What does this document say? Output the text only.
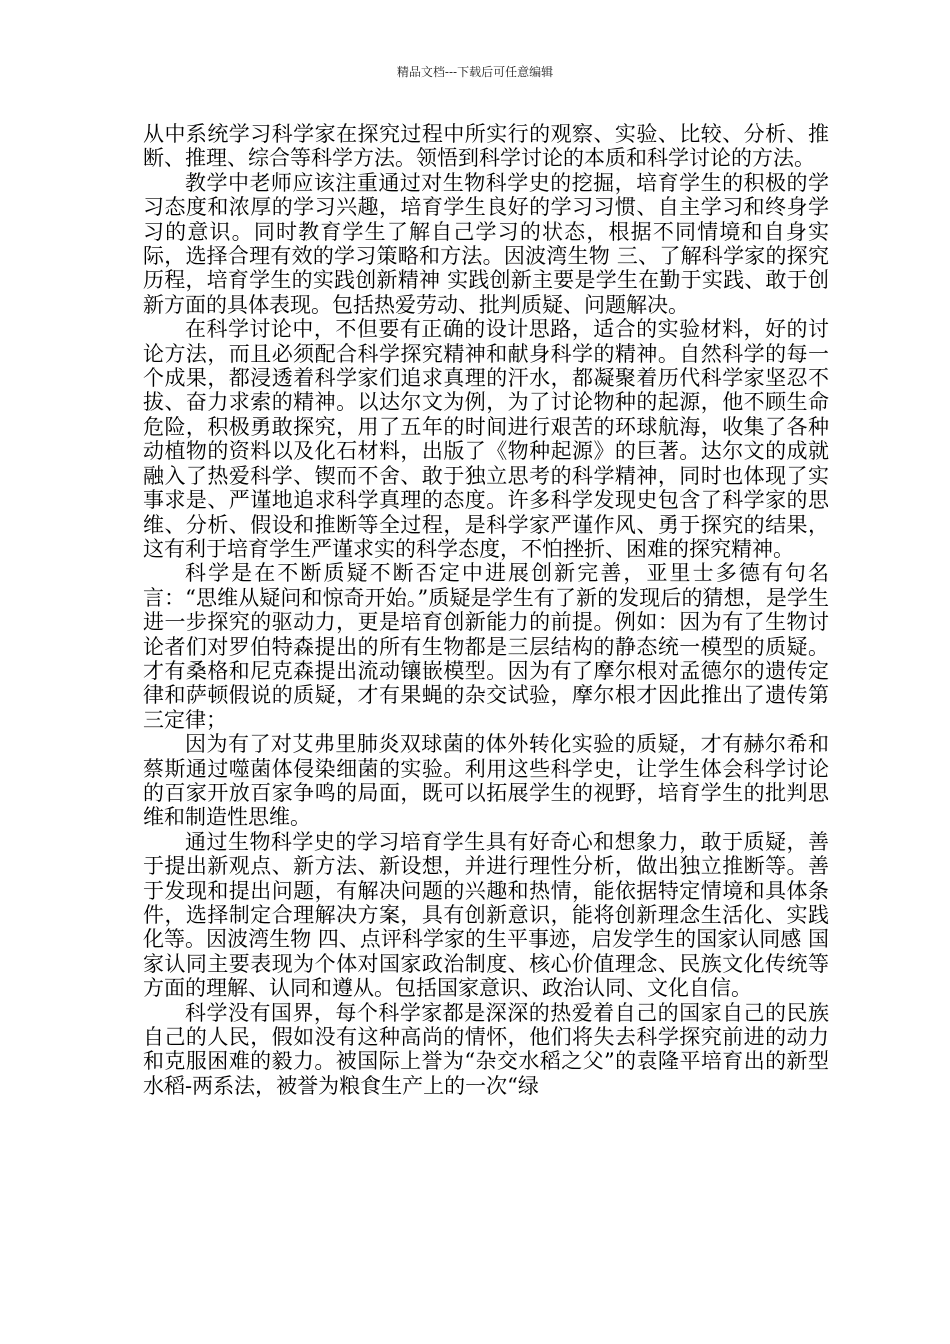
精品文档---下载后可任意编辑

从中系统学习科学家在探究过程中所实行的观察、实验、比较、分析、推断、推理、综合等科学方法。领悟到科学讨论的本质和科学讨论的方法。

教学中老师应该注重通过对生物科学史的挖掘，培育学生的积极的学习态度和浓厚的学习兴趣，培育学生良好的学习习惯、自主学习和终身学习的意识。同时教育学生了解自己学习的状态，根据不同情境和自身实际，选择合理有效的学习策略和方法。因波湾生物 三、了解科学家的探究历程，培育学生的实践创新精神 实践创新主要是学生在勤于实践、敢于创新方面的具体表现。包括热爱劳动、批判质疑、问题解决。

在科学讨论中，不但要有正确的设计思路，适合的实验材料，好的讨论方法，而且必须配合科学探究精神和献身科学的精神。自然科学的每一个成果，都浸透着科学家们追求真理的汗水，都凝聚着历代科学家坚忍不拔、奋力求索的精神。以达尔文为例，为了讨论物种的起源，他不顾生命危险，积极勇敢探究，用了五年的时间进行艰苦的环球航海，收集了各种动植物的资料以及化石材料，出版了《物种起源》的巨著。达尔文的成就融入了热爱科学、锲而不舍、敢于独立思考的科学精神，同时也体现了实事求是、严谨地追求科学真理的态度。许多科学发现史包含了科学家的思维、分析、假设和推断等全过程，是科学家严谨作风、勇于探究的结果，这有利于培育学生严谨求实的科学态度，不怕挫折、困难的探究精神。

科学是在不断质疑不断否定中进展创新完善，亚里士多德有句名言：“思维从疑问和惊奇开始。”质疑是学生有了新的发现后的猜想，是学生进一步探究的驱动力，更是培育创新能力的前提。例如：因为有了生物讨论者们对罗伯特森提出的所有生物都是三层结构的静态统一模型的质疑。才有桑格和尼克森提出流动镶嵌模型。因为有了摩尔根对孟德尔的遗传定律和萨顿假说的质疑，才有果蝇的杂交试验，摩尔根才因此推出了遗传第三定律；

因为有了对艾弗里肺炎双球菌的体外转化实验的质疑，才有赫尔希和蔡斯通过噬菌体侵染细菌的实验。利用这些科学史，让学生体会科学讨论的百家开放百家争鸣的局面，既可以拓展学生的视野，培育学生的批判思维和制造性思维。

通过生物科学史的学习培育学生具有好奇心和想象力，敢于质疑，善于提出新观点、新方法、新设想，并进行理性分析，做出独立推断等。善于发现和提出问题，有解决问题的兴趣和热情，能依据特定情境和具体条件，选择制定合理解决方案，具有创新意识，能将创新理念生活化、实践化等。因波湾生物 四、点评科学家的生平事迹，启发学生的国家认同感 国家认同主要表现为个体对国家政治制度、核心价值理念、民族文化传统等方面的理解、认同和遵从。包括国家意识、政治认同、文化自信。

科学没有国界，每个科学家都是深深的热爱着自己的国家自己的民族自己的人民，假如没有这种高尚的情怀，他们将失去科学探究前进的动力和克服困难的毅力。被国际上誉为“杂交水稻之父”的袁隆平培育出的新型水稻-两系法，被誉为粮食生产上的一次“绿
